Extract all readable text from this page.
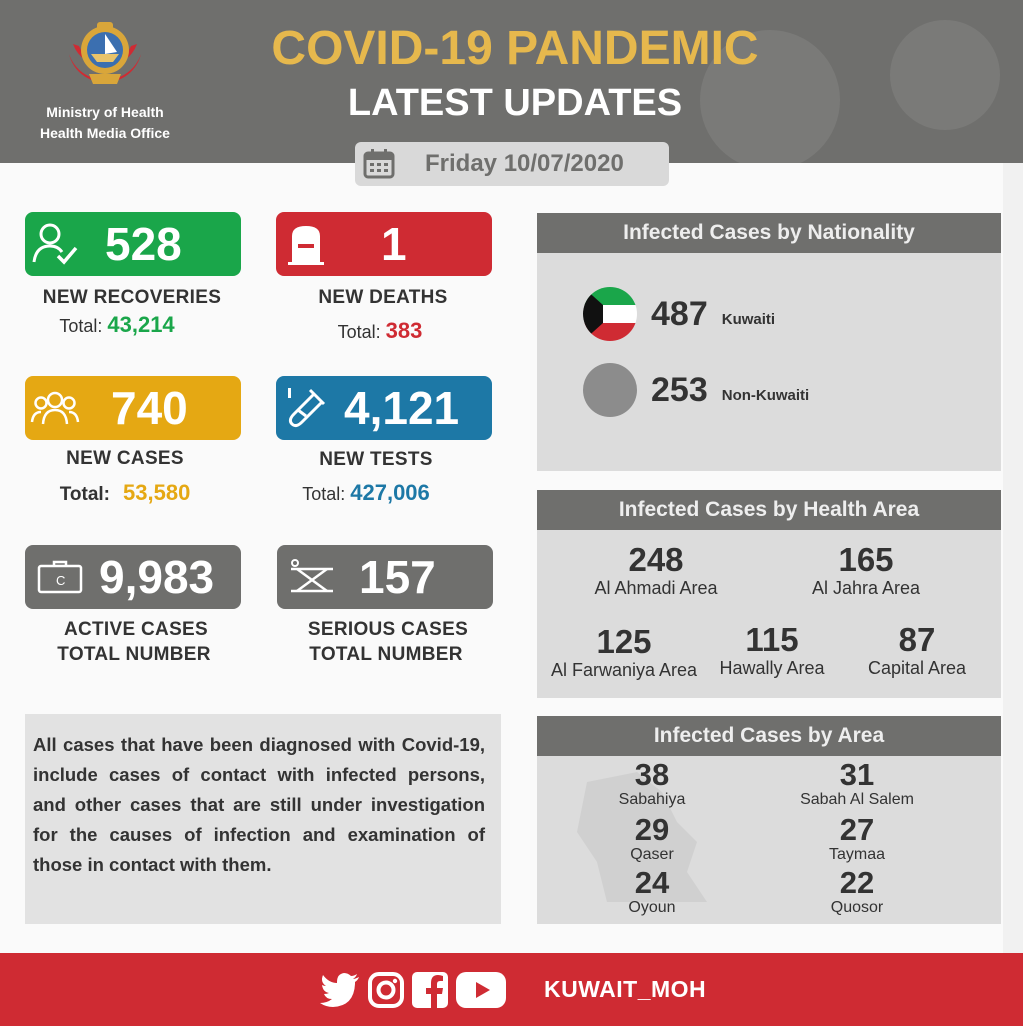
Ministry of Health
Health Media Office
COVID-19 PANDEMIC
LATEST UPDATES
Friday 10/07/2020
528
NEW RECOVERIES
Total: 43,214
1
NEW DEATHS
Total: 383
740
NEW CASES
Total: 53,580
4,121
NEW TESTS
Total: 427,006
C 9,983
ACTIVE CASES
TOTAL NUMBER
157
SERIOUS CASES
TOTAL NUMBER

All cases that have been diagnosed with Covid-19, include cases of contact with infected persons, and other cases that are still under investigation for the causes of infection and examination of those in contact with them.

Infected Cases by Nationality
487 Kuwaiti
253 Non-Kuwaiti
Infected Cases by Health Area
248
Al Ahmadi Area
165
Al Jahra Area
125
Al Farwaniya Area
115
Hawally Area
87
Capital Area
Infected Cases by Area
38
Sabahiya
31
Sabah Al Salem
29
Qaser
27
Taymaa
24
Oyoun
22
Quosor
KUWAIT_MOH
